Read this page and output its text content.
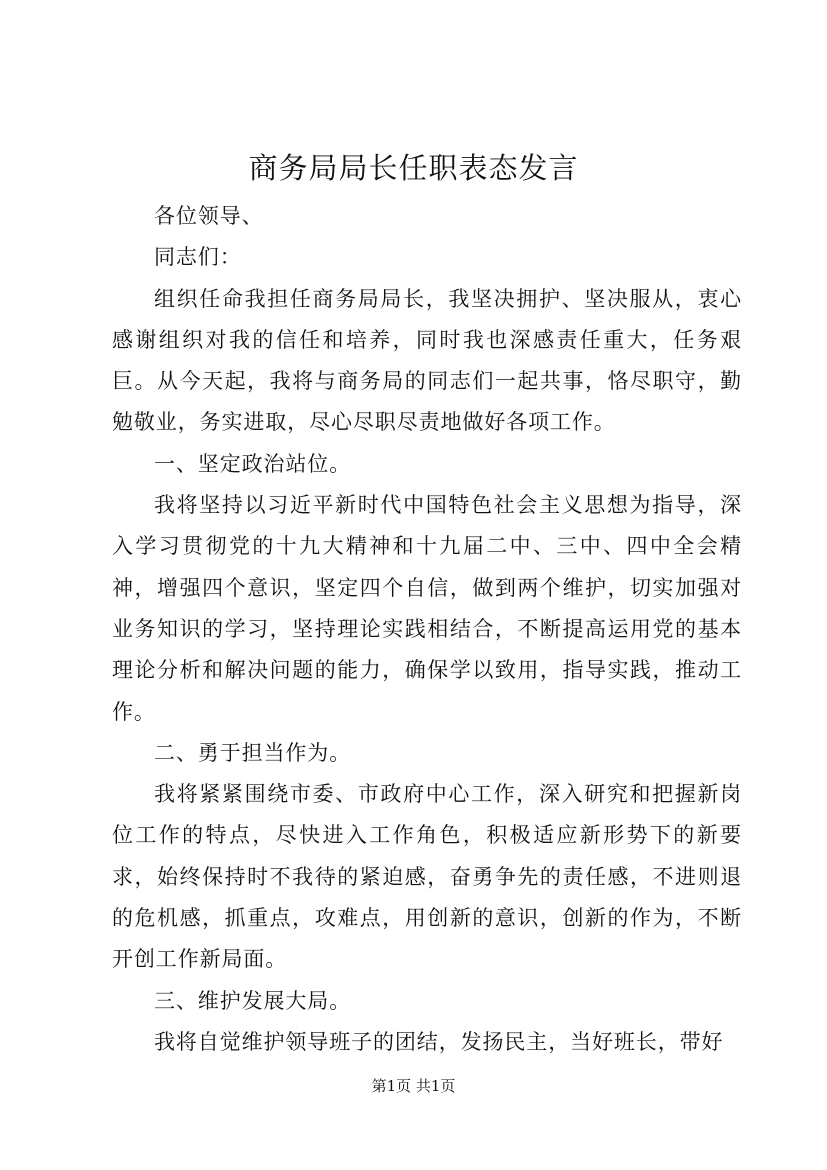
商务局局长任职表态发言

各位领导、

同志们：

组织任命我担任商务局局长，我坚决拥护、坚决服从，衷心感谢组织对我的信任和培养，同时我也深感责任重大，任务艰巨。从今天起，我将与商务局的同志们一起共事，恪尽职守，勤勉敬业，务实进取，尽心尽职尽责地做好各项工作。

一、坚定政治站位。

我将坚持以习近平新时代中国特色社会主义思想为指导，深入学习贯彻党的十九大精神和十九届二中、三中、四中全会精神，增强四个意识，坚定四个自信，做到两个维护，切实加强对业务知识的学习，坚持理论实践相结合，不断提高运用党的基本理论分析和解决问题的能力，确保学以致用，指导实践，推动工作。

二、勇于担当作为。

我将紧紧围绕市委、市政府中心工作，深入研究和把握新岗位工作的特点，尽快进入工作角色，积极适应新形势下的新要求，始终保持时不我待的紧迫感，奋勇争先的责任感，不进则退的危机感，抓重点，攻难点，用创新的意识，创新的作为，不断开创工作新局面。

三、维护发展大局。

我将自觉维护领导班子的团结，发扬民主，当好班长，带好

第1页 共1页
